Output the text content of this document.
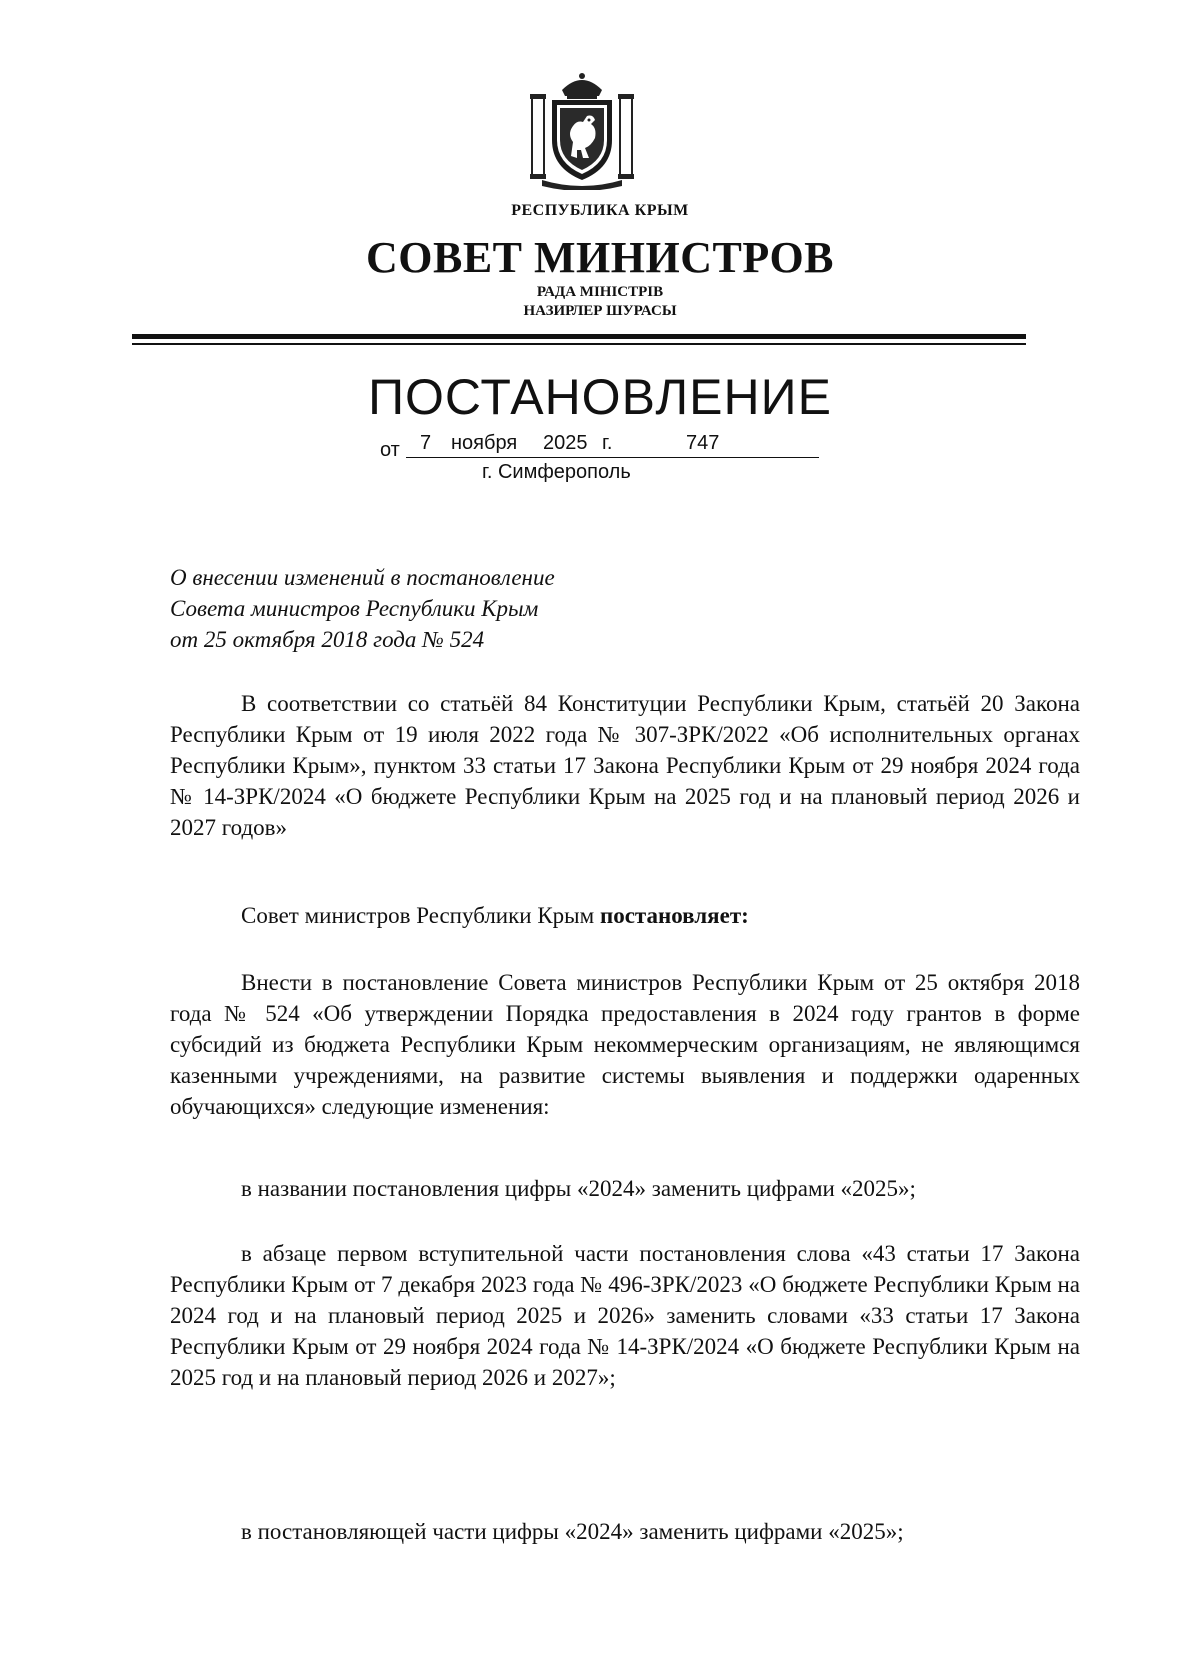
РЕСПУБЛИКА КРЫМ
СОВЕТ МИНИСТРОВ
РАДА МІНІСТРІВ
НАЗИРЛЕР ШУРАСЫ
ПОСТАНОВЛЕНИЕ
от 7 ноября 2025 г.	747
г. Симферополь
О внесении изменений в постановление
Совета министров Республики Крым
от 25 октября 2018 года № 524
В соответствии со статьёй 84 Конституции Республики Крым, статьёй 20 Закона Республики Крым от 19 июля 2022 года № 307-ЗРК/2022 «Об исполнительных органах Республики Крым», пунктом 33 статьи 17 Закона Республики Крым от 29 ноября 2024 года № 14-ЗРК/2024 «О бюджете Республики Крым на 2025 год и на плановый период 2026 и 2027 годов»
Совет министров Республики Крым постановляет:
Внести в постановление Совета министров Республики Крым от 25 октября 2018 года № 524 «Об утверждении Порядка предоставления в 2024 году грантов в форме субсидий из бюджета Республики Крым некоммерческим организациям, не являющимся казенными учреждениями, на развитие системы выявления и поддержки одаренных обучающихся» следующие изменения:
в названии постановления цифры «2024» заменить цифрами «2025»;
в абзаце первом вступительной части постановления слова «43 статьи 17 Закона Республики Крым от 7 декабря 2023 года № 496-ЗРК/2023 «О бюджете Республики Крым на 2024 год и на плановый период 2025 и 2026» заменить словами «33 статьи 17 Закона Республики Крым от 29 ноября 2024 года № 14-ЗРК/2024 «О бюджете Республики Крым на 2025 год и на плановый период 2026 и 2027»;
в постановляющей части цифры «2024» заменить цифрами «2025»;
